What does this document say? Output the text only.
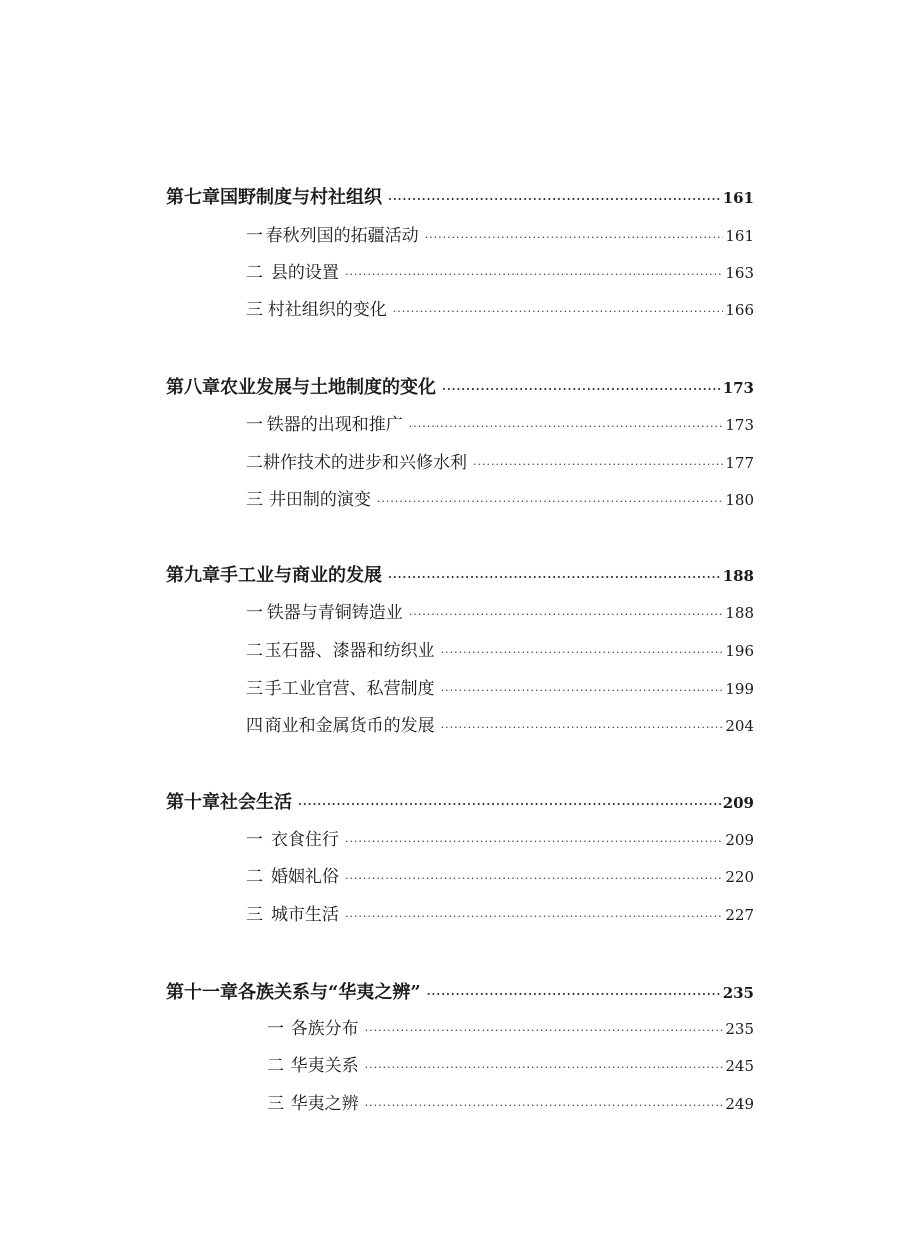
第七章 国野制度与村社组织 ·····	161
一 春秋列国的拓疆活动 ·····	161
二 县的设置 ·····	163
三 村社组织的变化 ·····	166
第八章 农业发展与土地制度的变化 ·····	173
一 铁器的出现和推广 ·····	173
二 耕作技术的进步和兴修水利 ·····	177
三 井田制的演变 ·····	180
第九章 手工业与商业的发展 ·····	188
一 铁器与青铜铸造业 ·····	188
二 玉石器、漆器和纺织业 ·····	196
三 手工业官营、私营制度 ·····	199
四 商业和金属货币的发展 ·····	204
第十章 社会生活 ·····	209
一 衣食住行 ·····	209
二 婚姻礼俗 ·····	220
三 城市生活 ·····	227
第十一章 各族关系与“华夷之辨” ·····	235
一 各族分布 ·····	235
二 华夷关系 ·····	245
三 华夷之辨 ·····	249
